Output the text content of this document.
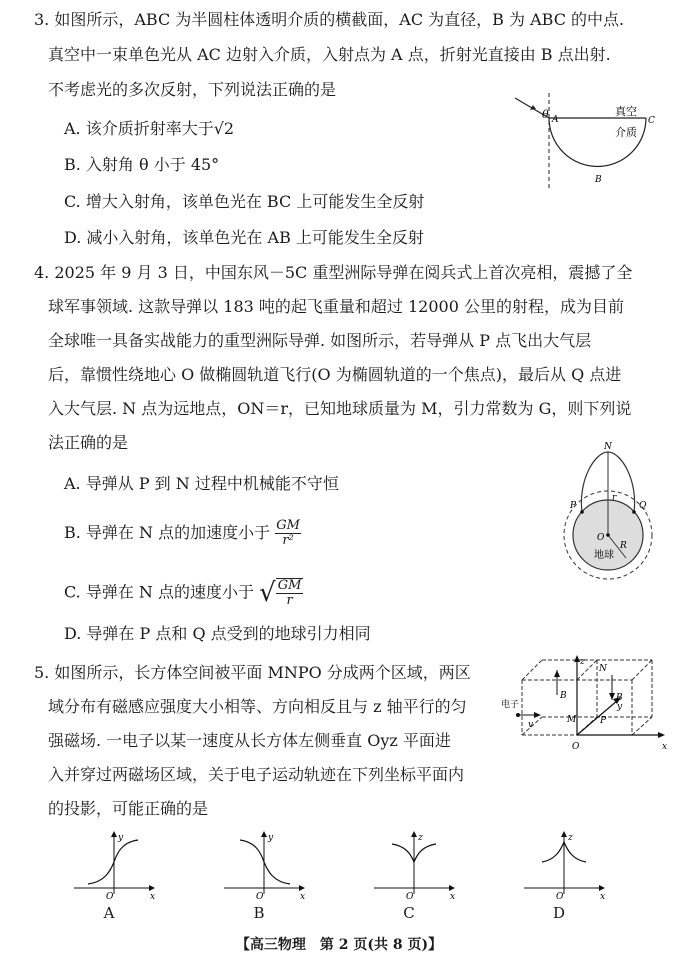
3. 如图所示，ABC 为半圆柱体透明介质的横截面，AC 为直径，B 为 ABC 的中点.
真空中一束单色光从 AC 边射入介质，入射点为 A 点，折射光直接由 B 点出射.
不考虑光的多次反射，下列说法正确的是
A. 该介质折射率大于√2
B. 入射角 θ 小于 45°
C. 增大入射角，该单色光在 BC 上可能发生全反射
D. 减小入射角，该单色光在 AB 上可能发生全反射
θ A	C
B
真空
介质
4. 2025 年 9 月 3 日，中国东风－5C 重型洲际导弹在阅兵式上首次亮相，震撼了全
球军事领域. 这款导弹以 183 吨的起飞重量和超过 12000 公里的射程，成为目前
全球唯一具备实战能力的重型洲际导弹. 如图所示，若导弹从 P 点飞出大气层
后，靠惯性绕地心 O 做椭圆轨道飞行(O 为椭圆轨道的一个焦点)，最后从 Q 点进
入大气层. N 点为远地点，ON＝r，已知地球质量为 M，引力常数为 G，则下列说
法正确的是
A. 导弹从 P 到 N 过程中机械能不守恒
B. 导弹在 N 点的加速度小于 $\frac{GM}{\text{r²}}$
C. 导弹在 N 点的速度小于 √ $\frac{GM}{r}$
D. 导弹在 P 点和 Q 点受到的地球引力相同
N
P	Q
r
O
R
地球
5. 如图所示，长方体空间被平面 MNPO 分成两个区域，两区
域分布有磁感应强度大小相等、方向相反且与 z 轴平行的匀
强磁场. 一电子以某一速度从长方体左侧垂直 Oyz 平面进
入并穿过两磁场区域，关于电子运动轨迹在下列坐标平面内
的投影，可能正确的是
z
y
x
O
M
N
P
B	B
v
电子
y
x
O
A
y
x
O
B
z
x
O
C
z
x
O
D
【高三物理　第 2 页(共 8 页)】
